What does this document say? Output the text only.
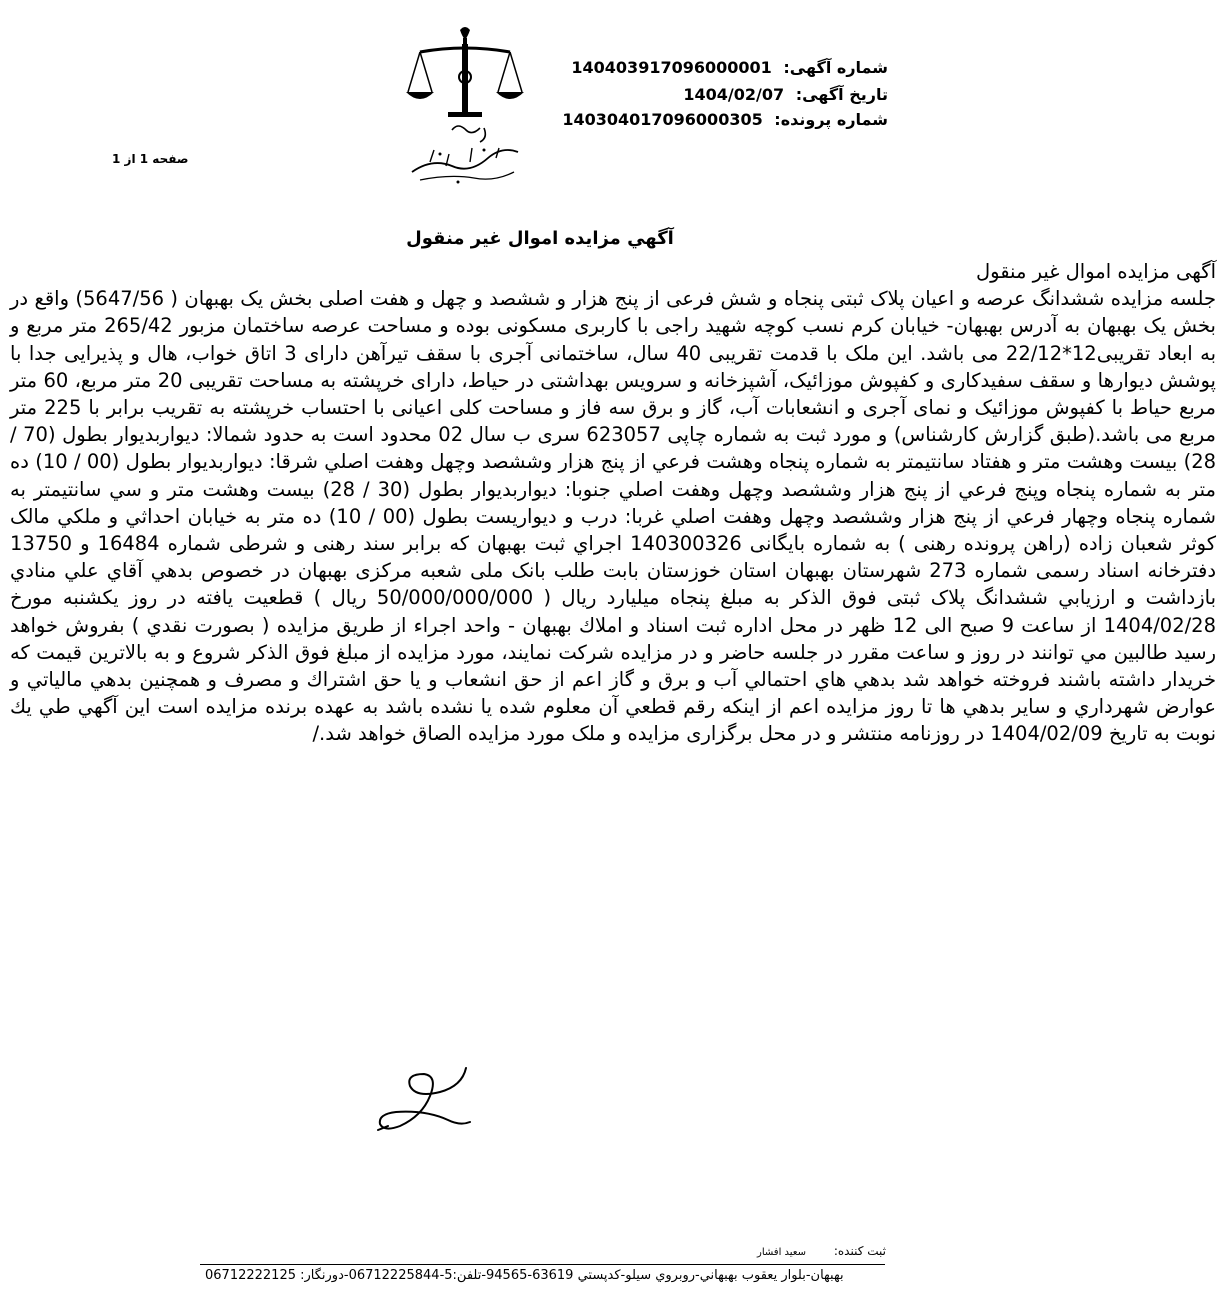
شماره آگهی: 140403917096000001
تاریخ آگهی: 1404/02/07
شماره پرونده: 140304017096000305
صفحه 1 از 1
آگهي مزايده اموال غير منقول

آگهی مزایده اموال غیر منقول

جلسه مزایده ششدانگ عرصه و اعیان پلاک ثبتی پنجاه و شش فرعی از پنج هزار و ششصد و چهل و هفت اصلی بخش یک بهبهان ( 5647/56) واقع در بخش یک بهبهان به آدرس بهبهان- خیابان کرم نسب کوچه شهید راجی با کاربری مسکونی بوده و مساحت عرصه ساختمان مزبور 265/42 متر مربع و به ابعاد تقریبی12*22/12 می باشد. این ملک با قدمت تقریبی 40 سال، ساختمانی آجری با سقف تیرآهن دارای 3 اتاق خواب، هال و پذیرایی جدا با پوشش دیوارها و سقف سفیدکاری و کفپوش موزائیک، آشپزخانه و سرویس بهداشتی در حیاط، دارای خرپشته به مساحت تقریبی 20 متر مربع، 60 متر مربع حیاط با کفپوش موزائیک و نمای آجری و انشعابات آب، گاز و برق سه فاز و مساحت کلی اعیانی با احتساب خرپشته به تقریب برابر با 225 متر مربع می باشد.(طبق گزارش کارشناس) و مورد ثبت به شماره چاپی 623057 سری ب سال 02 محدود است به حدود شمالا: دیواربدیوار بطول (70 / 28) بیست وهشت متر و هفتاد سانتیمتر به شماره پنجاه وهشت فرعي از پنج هزار وششصد وچهل وهفت اصلي شرقا: دیواربدیوار بطول (00 / 10) ده متر به شماره پنجاه وپنج فرعي از پنج هزار وششصد وچهل وهفت اصلي جنوبا: دیواربدیوار بطول (30 / 28) بیست وهشت متر و سي سانتیمتر به شماره پنجاه وچهار فرعي از پنج هزار وششصد وچهل وهفت اصلي غربا: درب و دیواریست بطول (00 / 10) ده متر به خيابان احداثي و ملكي مالک کوثر شعبان زاده (راهن پرونده رهنی ) به شماره بایگانی 140300326 اجراي ثبت بهبهان كه برابر سند رهنی و شرطی شماره 16484 و 13750 دفترخانه اسناد رسمی شماره 273 شهرستان بهبهان استان خوزستان بابت طلب بانک ملی شعبه مرکزی بهبهان در خصوص بدهي آقاي علي منادي بازداشت و ارزيابي ششدانگ پلاک ثبتی فوق الذكر به مبلغ پنجاه میلیارد ريال ( 50/000/000/000 ريال ) قطعيت يافته در روز يكشنبه مورخ 1404/02/28 از ساعت 9 صبح الی 12 ظهر در محل اداره ثبت اسناد و املاك بهبهان - واحد اجراء از طريق مزايده ( بصورت نقدي ) بفروش خواهد رسيد طالبين مي توانند در روز و ساعت مقرر در جلسه حاضر و در مزايده شركت نمايند، مورد مزايده از مبلغ فوق الذکر شروع و به بالاترين قيمت كه خريدار داشته باشند فروخته خواهد شد بدهي هاي احتمالي آب و برق و گاز اعم از حق انشعاب و يا حق اشتراك و مصرف و همچنين بدهي مالياتي و عوارض شهرداري و ساير بدهي ها تا روز مزايده اعم از اينكه رقم قطعي آن معلوم شده يا نشده باشد به عهده برنده مزايده است اين آگهي طي يك نوبت به تاريخ 1404/02/09 در روزنامه منتشر و در محل برگزاری مزایده و ملک مورد مزایده الصاق خواهد شد./

ثبت کننده: سعید افشار
بهبهان-بلوار يعقوب بهبهاني-روبروي سيلو-كدپستي 63619-94565-تلفن:5-06712225844-دورنگار: 06712222125
